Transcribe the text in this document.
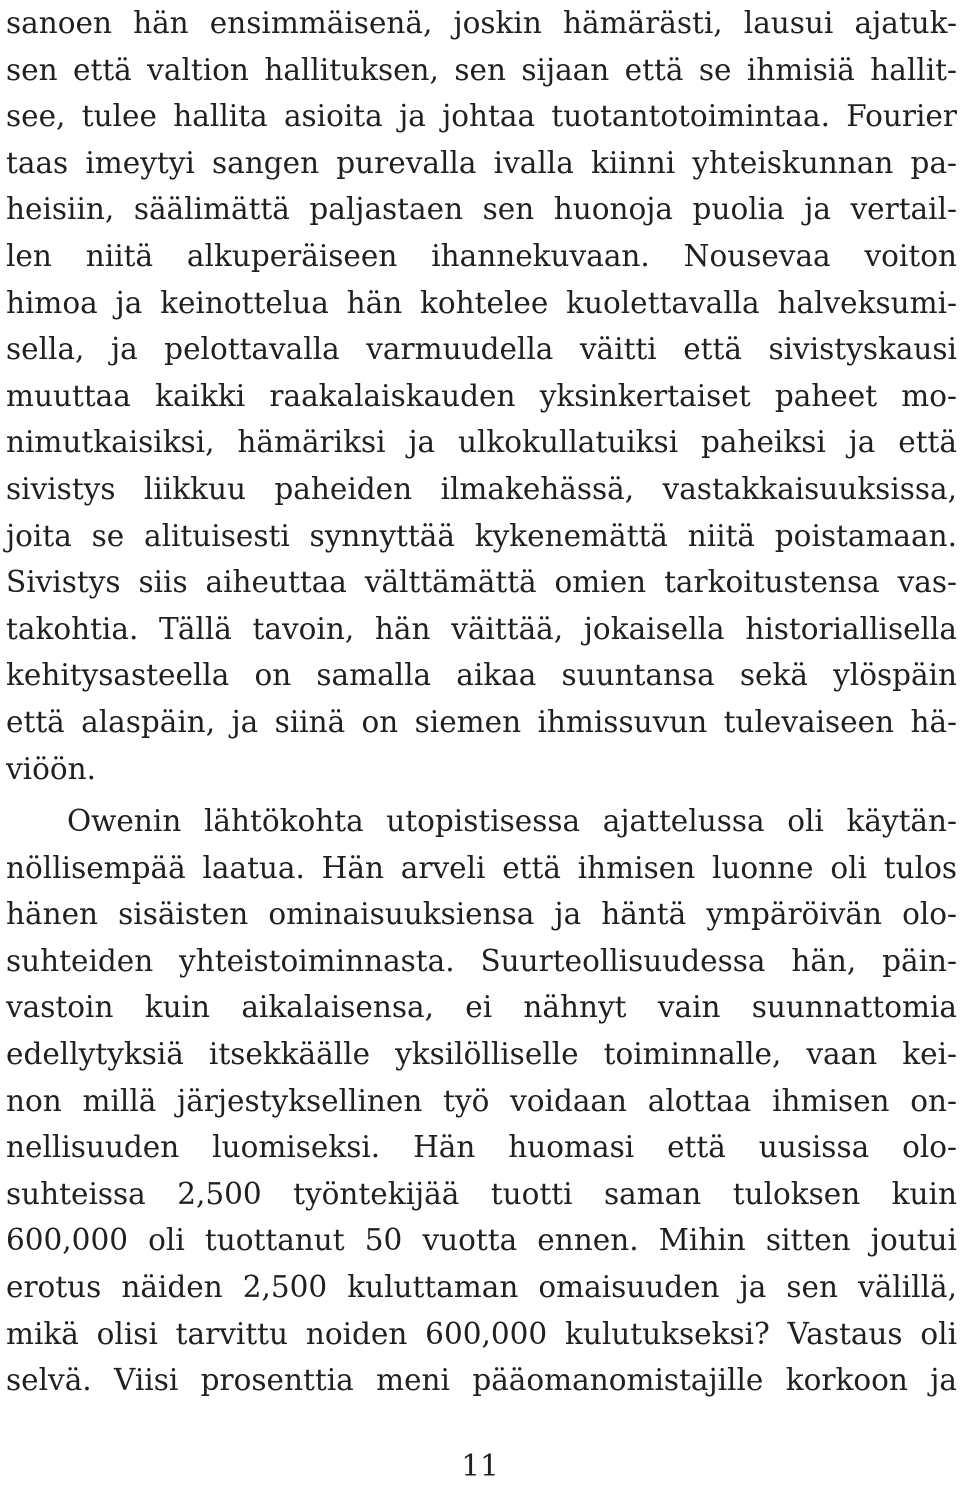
sanoen hän ensimmäisenä, joskin hämärästi, lausui ajatuk-
sen että valtion hallituksen, sen sijaan että se ihmisiä hallit-
see, tulee hallita asioita ja johtaa tuotantotoimintaa. Fourier
taas imeytyi sangen purevalla ivalla kiinni yhteiskunnan pa-
heisiin, säälimättä paljastaen sen huonoja puolia ja vertail-
len niitä alkuperäiseen ihannekuvaan. Nousevaa voiton
himoa ja keinottelua hän kohtelee kuolettavalla halveksumi-
sella, ja pelottavalla varmuudella väitti että sivistyskausi
muuttaa kaikki raakalaiskauden yksinkertaiset paheet mo-
nimutkaisiksi, hämäriksi ja ulkokullatuiksi paheiksi ja että
sivistys liikkuu paheiden ilmakehässä, vastakkaisuuksissa,
joita se alituisesti synnyttää kykenemättä niitä poistamaan.
Sivistys siis aiheuttaa välttämättä omien tarkoitustensa vas-
takohtia. Tällä tavoin, hän väittää, jokaisella historiallisella
kehitysasteella on samalla aikaa suuntansa sekä ylöspäin
että alaspäin, ja siinä on siemen ihmissuvun tulevaiseen hä-
viöön.
Owenin lähtökohta utopistisessa ajattelussa oli käytän-
nöllisempää laatua. Hän arveli että ihmisen luonne oli tulos
hänen sisäisten ominaisuuksiensa ja häntä ympäröivän olo-
suhteiden yhteistoiminnasta. Suurteollisuudessa hän, päin-
vastoin kuin aikalaisensa, ei nähnyt vain suunnattomia
edellytyksiä itsekkäälle yksilölliselle toiminnalle, vaan kei-
non millä järjestyksellinen työ voidaan alottaa ihmisen on-
nellisuuden luomiseksi. Hän huomasi että uusissa olo-
suhteissa 2,500 työntekijää tuotti saman tuloksen kuin
600,000 oli tuottanut 50 vuotta ennen. Mihin sitten joutui
erotus näiden 2,500 kuluttaman omaisuuden ja sen välillä,
mikä olisi tarvittu noiden 600,000 kulutukseksi? Vastaus oli
selvä. Viisi prosenttia meni pääomanomistajille korkoon ja
11
